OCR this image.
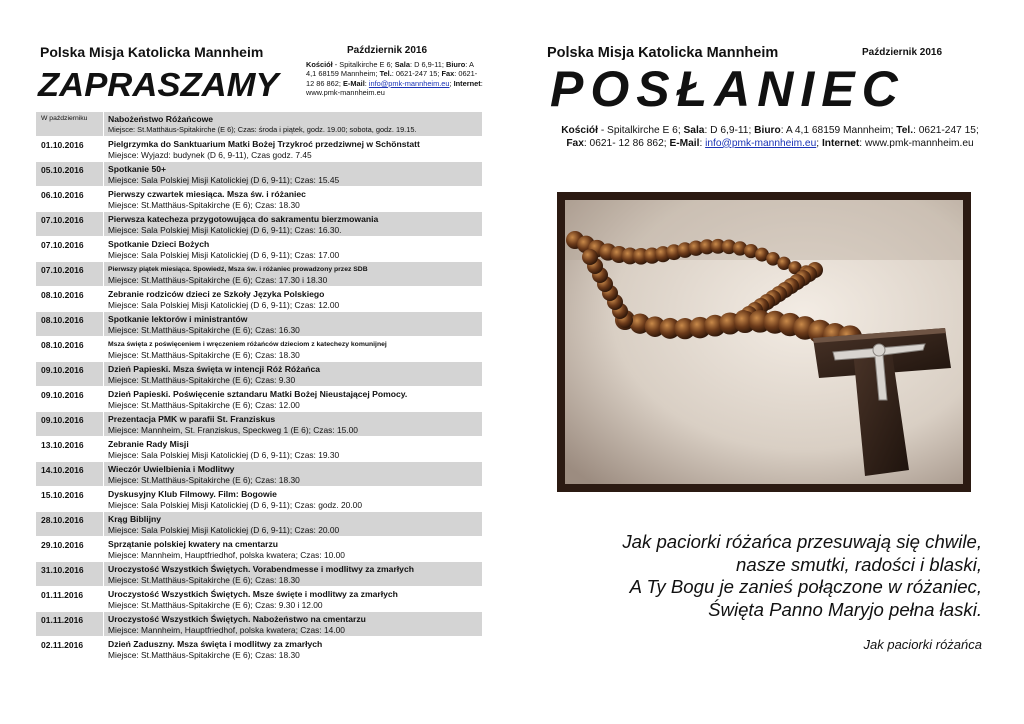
Polska Misja Katolicka Mannheim	Październik 2016
ZAPRASZAMY
Kościół - Spitalkirche E 6; Sala: D 6,9-11; Biuro: A 4,1 68159 Mannheim; Tel.: 0621-247 15; Fax: 0621- 12 86 862; E-Mail: info@pmk-mannheim.eu; Internet: www.pmk-mannheim.eu
W październiku	Nabożeństwo Różańcowe
Miejsce: St.Matthäus-Spitakirche (E 6); Czas: środa i piątek, godz. 19.00; sobota, godz. 19.15.
01.10.2016	Pielgrzymka do Sanktuarium Matki Bożej Trzykroć przedziwnej w Schönstatt
Miejsce: Wyjazd: budynek (D 6, 9-11), Czas godz. 7.45
05.10.2016	Spotkanie 50+
Miejsce: Sala Polskiej Misji Katolickiej (D 6, 9-11); Czas: 15.45
06.10.2016	Pierwszy czwartek miesiąca. Msza św. i różaniec
Miejsce: St.Matthäus-Spitakirche (E 6); Czas: 18.30
07.10.2016	Pierwsza katecheza przygotowująca do sakramentu bierzmowania
Miejsce: Sala Polskiej Misji Katolickiej (D 6, 9-11); Czas: 16.30.
07.10.2016	Spotkanie Dzieci Bożych
Miejsce: Sala Polskiej Misji Katolickiej (D 6, 9-11); Czas: 17.00
07.10.2016	Pierwszy piątek miesiąca. Spowiedź, Msza św. i różaniec prowadzony przez SDB
Miejsce: St.Matthäus-Spitakirche (E 6); Czas: 17.30 i 18.30
08.10.2016	Zebranie rodziców dzieci ze Szkoły Języka Polskiego
Miejsce: Sala Polskiej Misji Katolickiej (D 6, 9-11); Czas: 12.00
08.10.2016	Spotkanie lektorów i ministrantów
Miejsce: St.Matthäus-Spitakirche (E 6); Czas: 16.30
08.10.2016	Msza święta z poświęceniem i wręczeniem różańców dzieciom z katechezy komunijnej
Miejsce: St.Matthäus-Spitakirche (E 6); Czas: 18.30
09.10.2016	Dzień Papieski. Msza święta w intencji Róż Różańca
Miejsce: St.Matthäus-Spitakirche (E 6); Czas: 9.30
09.10.2016	Dzień Papieski. Poświęcenie sztandaru Matki Bożej Nieustającej Pomocy.
Miejsce: St.Matthäus-Spitakirche (E 6); Czas: 12.00
09.10.2016	Prezentacja PMK w parafii St. Franziskus
Miejsce: Mannheim, St. Franziskus, Speckweg 1 (E 6); Czas: 15.00
13.10.2016	Zebranie Rady Misji
Miejsce: Sala Polskiej Misji Katolickiej (D 6, 9-11); Czas: 19.30
14.10.2016	Wieczór Uwielbienia i Modlitwy
Miejsce: St.Matthäus-Spitakirche (E 6); Czas: 18.30
15.10.2016	Dyskusyjny Klub Filmowy. Film: Bogowie
Miejsce: Sala Polskiej Misji Katolickiej (D 6, 9-11); Czas: godz. 20.00
28.10.2016	Krąg Biblijny
Miejsce: Sala Polskiej Misji Katolickiej (D 6, 9-11); Czas: 20.00
29.10.2016	Sprzątanie polskiej kwatery na cmentarzu
Miejsce: Mannheim, Hauptfriedhof, polska kwatera; Czas: 10.00
31.10.2016	Uroczystość Wszystkich Świętych. Vorabendmesse i modlitwy za zmarłych
Miejsce: St.Matthäus-Spitakirche (E 6); Czas: 18.30
01.11.2016	Uroczystość Wszystkich Świętych. Msze święte i modlitwy za zmarłych
Miejsce: St.Matthäus-Spitakirche (E 6); Czas: 9.30 i 12.00
01.11.2016	Uroczystość Wszystkich Świętych. Nabożeństwo na cmentarzu
Miejsce: Mannheim, Hauptfriedhof, polska kwatera; Czas: 14.00
02.11.2016	Dzień Zaduszny. Msza święta i modlitwy za zmarłych
Miejsce: St.Matthäus-Spitakirche (E 6); Czas: 18.30
Polska Misja Katolicka Mannheim	Październik 2016
POSŁANIEC
Kościół - Spitalkirche E 6; Sala: D 6,9-11; Biuro: A 4,1 68159 Mannheim; Tel.: 0621-247 15;
Fax: 0621- 12 86 862; E-Mail: info@pmk-mannheim.eu; Internet: www.pmk-mannheim.eu
Jak paciorki różańca przesuwają się chwile,
nasze smutki, radości i blaski,
A Ty Bogu je zanieś połączone w różaniec,
Święta Panno Maryjo pełna łaski.
Jak paciorki różańca
